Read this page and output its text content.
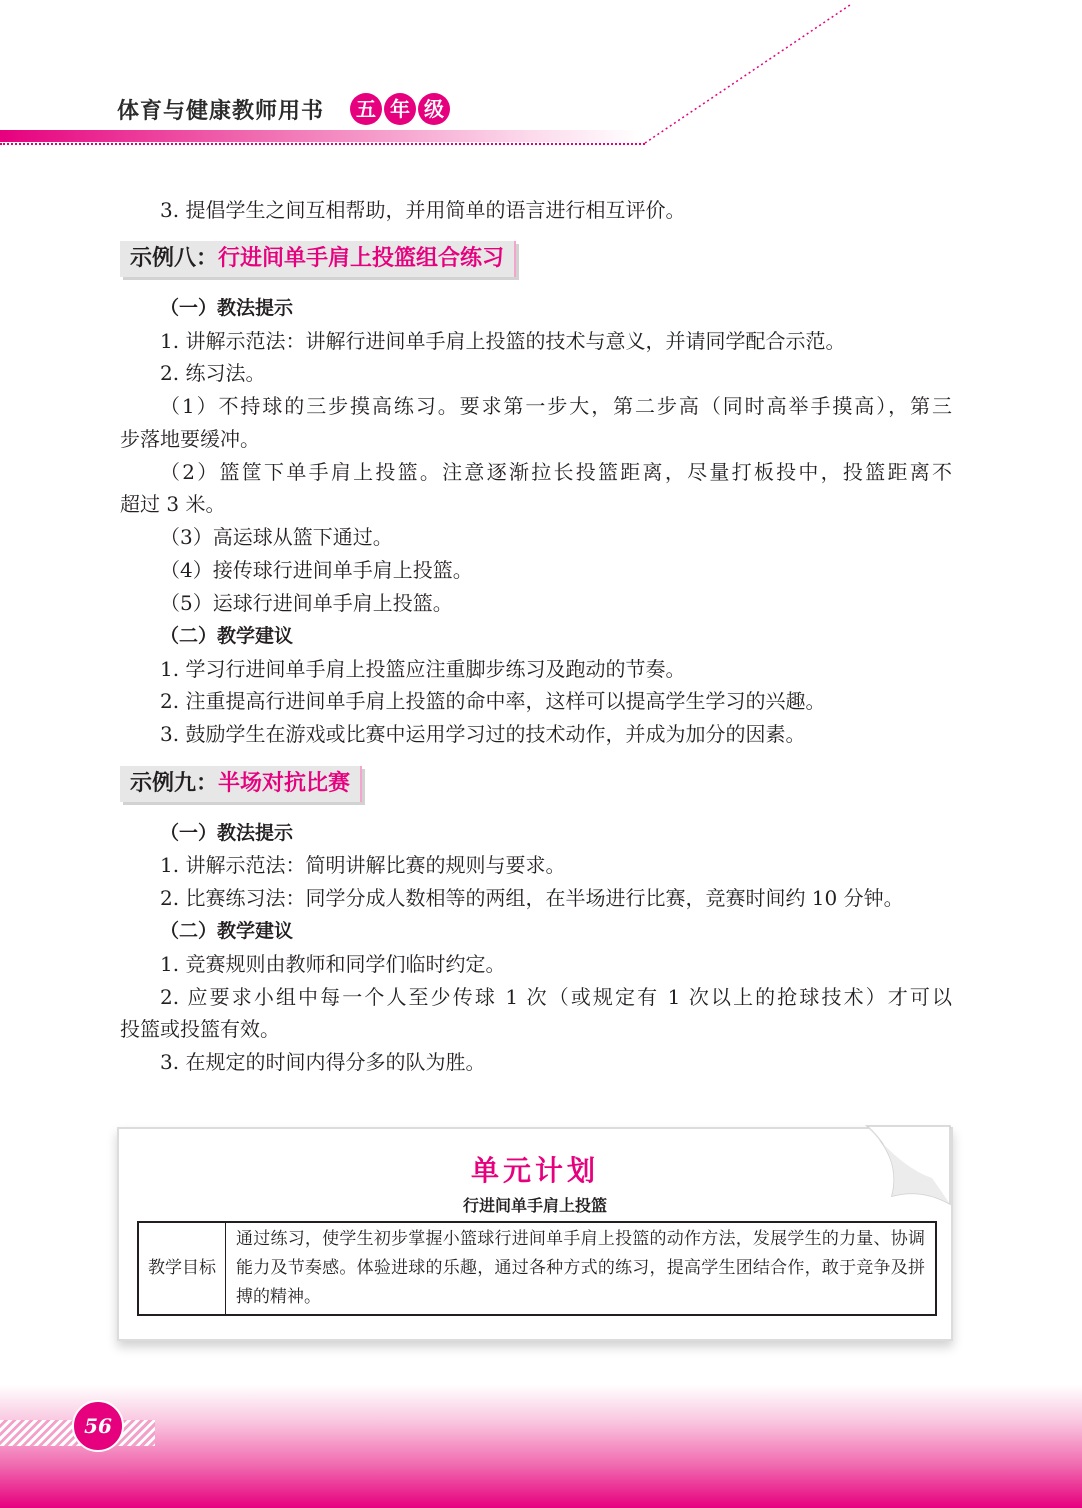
体育与健康教师用书	五 年 级
3. 提倡学生之间互相帮助，并用简单的语言进行相互评价。
示例八：行进间单手肩上投篮组合练习
（一）教法提示
1. 讲解示范法：讲解行进间单手肩上投篮的技术与意义，并请同学配合示范。
2. 练习法。
（1）不持球的三步摸高练习。要求第一步大，第二步高（同时高举手摸高），第三
步落地要缓冲。
（2）篮筐下单手肩上投篮。注意逐渐拉长投篮距离，尽量打板投中，投篮距离不
超过 3 米。
（3）高运球从篮下通过。
（4）接传球行进间单手肩上投篮。
（5）运球行进间单手肩上投篮。
（二）教学建议
1. 学习行进间单手肩上投篮应注重脚步练习及跑动的节奏。
2. 注重提高行进间单手肩上投篮的命中率，这样可以提高学生学习的兴趣。
3. 鼓励学生在游戏或比赛中运用学习过的技术动作，并成为加分的因素。
示例九：半场对抗比赛
（一）教法提示
1. 讲解示范法：简明讲解比赛的规则与要求。
2. 比赛练习法：同学分成人数相等的两组，在半场进行比赛，竞赛时间约 10 分钟。
（二）教学建议
1. 竞赛规则由教师和同学们临时约定。
2. 应要求小组中每一个人至少传球 1 次（或规定有 1 次以上的抢球技术）才可以
投篮或投篮有效。
3. 在规定的时间内得分多的队为胜。
单元计划
行进间单手肩上投篮
教学目标	通过练习，使学生初步掌握小篮球行进间单手肩上投篮的动作方法，发展学生的力量、协调能力及节奏感。体验进球的乐趣，通过各种方式的练习，提高学生团结合作，敢于竞争及拼搏的精神。
56
